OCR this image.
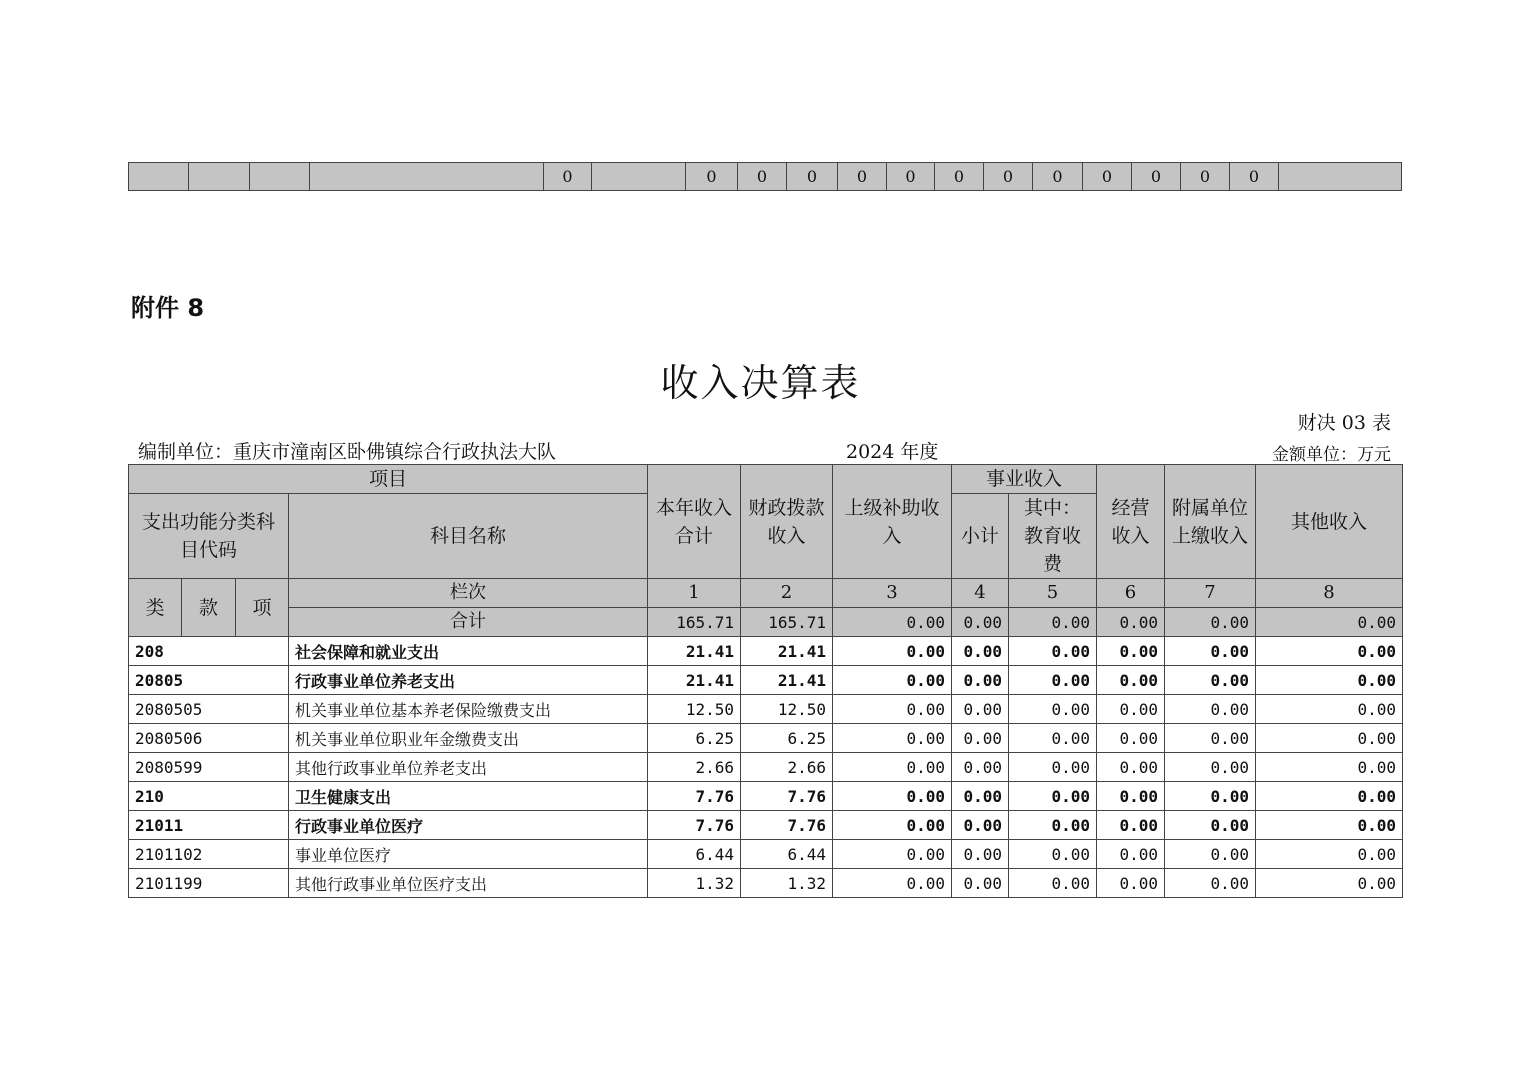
				0		0	0	0	0	0	0	0	0	0	0	0	0	
附件 8
收入决算表
财决 03 表
编制单位：重庆市潼南区卧佛镇综合行政执法大队	2024 年度	金额单位：万元
项目				本年收入合计	财政拨款收入	上级补助收入	事业收入		经营收入	附属单位上缴收入	其他收入
支出功能分类科目代码			科目名称				小计	其中：教育收费			

类	款	项	栏次	1	2	3	4	5	6	7	8
			合计	165.71	165.71	0.00	0.00	0.00	0.00	0.00	0.00
208			社会保障和就业支出	21.41	21.41	0.00	0.00	0.00	0.00	0.00	0.00
20805			行政事业单位养老支出	21.41	21.41	0.00	0.00	0.00	0.00	0.00	0.00
2080505			机关事业单位基本养老保险缴费支出	12.50	12.50	0.00	0.00	0.00	0.00	0.00	0.00
2080506			机关事业单位职业年金缴费支出	6.25	6.25	0.00	0.00	0.00	0.00	0.00	0.00
2080599			其他行政事业单位养老支出	2.66	2.66	0.00	0.00	0.00	0.00	0.00	0.00
210			卫生健康支出	7.76	7.76	0.00	0.00	0.00	0.00	0.00	0.00
21011			行政事业单位医疗	7.76	7.76	0.00	0.00	0.00	0.00	0.00	0.00
2101102			事业单位医疗	6.44	6.44	0.00	0.00	0.00	0.00	0.00	0.00
2101199			其他行政事业单位医疗支出	1.32	1.32	0.00	0.00	0.00	0.00	0.00	0.00
